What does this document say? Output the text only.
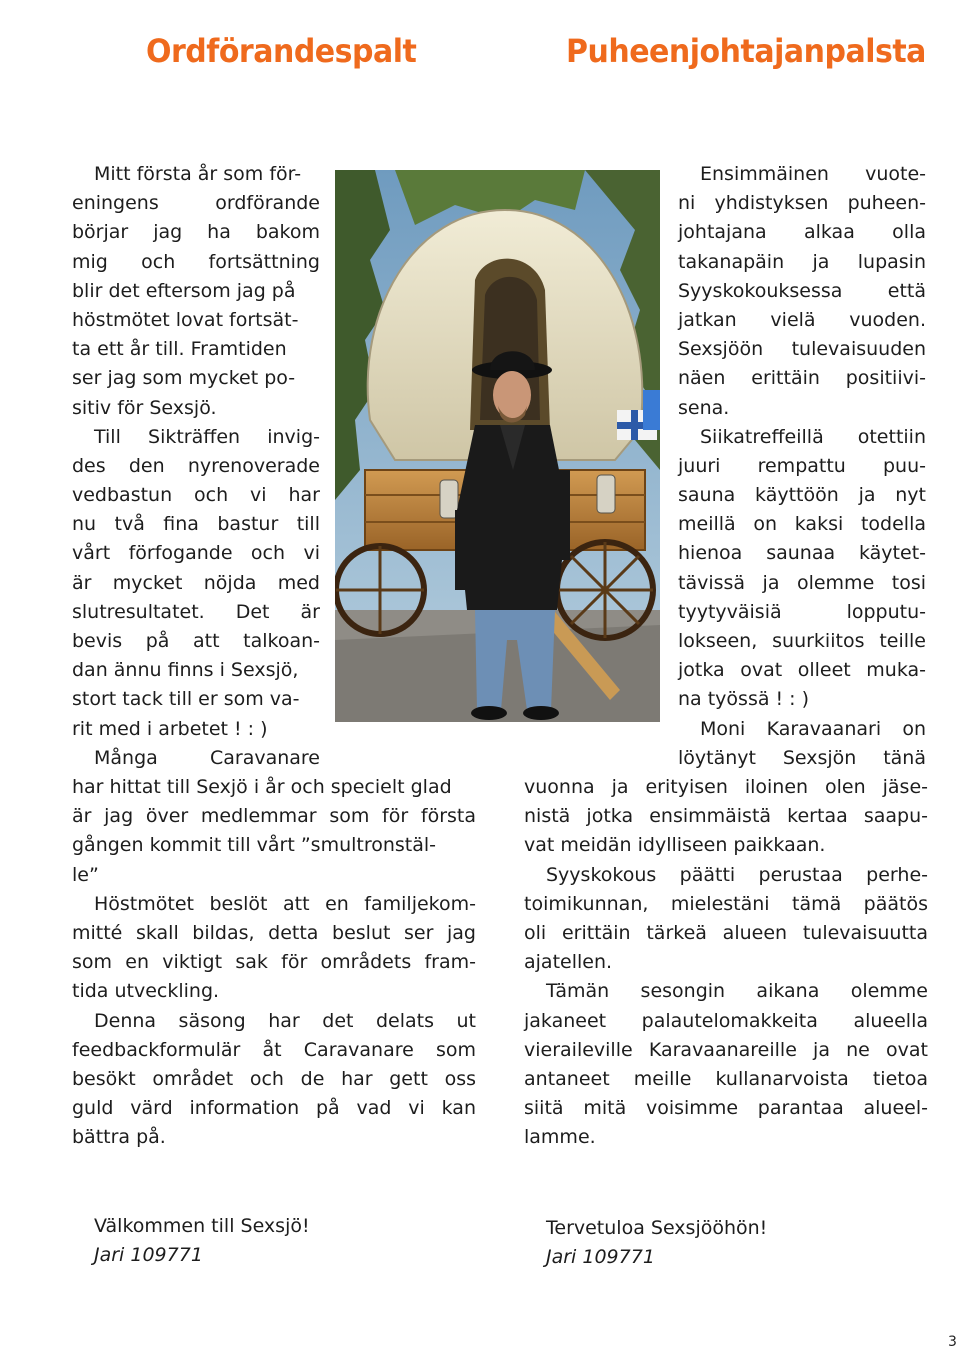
Ordförandespalt	Puheenjohtajanpalsta
Mitt första år som för-
eningens ordförande
börjar jag ha bakom
mig och fortsättning
blir det eftersom jag på
höstmötet lovat fortsät-
ta ett år till. Framtiden
ser jag som mycket po-
sitiv för Sexsjö.
Till Sikträffen invig-
des den nyrenoverade
vedbastun och vi har
nu två fina bastur till
vårt förfogande och vi
är mycket nöjda med
slutresultatet. Det är
bevis på att talkoan-
dan ännu finns i Sexsjö,
stort tack till er som va-
rit med i arbetet ! : )
Många Caravanare
har hittat till Sexjö i år och specielt glad
är jag över medlemmar som för första
gången kommit till vårt ”smultronstäl-
le”
Höstmötet beslöt att en familjekom-
mitté skall bildas, detta beslut ser jag
som en viktigt sak för områdets fram-
tida utveckling.
Denna säsong har det delats ut
feedbackformulär åt Caravanare som
besökt området och de har gett oss
guld värd information på vad vi kan
bättra på.
Ensimmäinen vuote-
ni yhdistyksen puheen-
johtajana alkaa olla
takanapäin ja lupasin
Syyskokouksessa että
jatkan vielä vuoden.
Sexsjöön tulevaisuuden
näen erittäin positiivi-
sena.
Siikatreffeillä otettiin
juuri rempattu puu-
sauna käyttöön ja nyt
meillä on kaksi todella
hienoa saunaa käytet-
tävissä ja olemme tosi
tyytyväisiä lopputu-
lokseen, suurkiitos teille
jotka ovat olleet muka-
na työssä ! : )
Moni Karavaanari on
löytänyt Sexsjön tänä
vuonna ja erityisen iloinen olen jäse-
nistä jotka ensimmäistä kertaa saapu-
vat meidän idylliseen paikkaan.
Syyskokous päätti perustaa perhe-
toimikunnan, mielestäni tämä päätös
oli erittäin tärkeä alueen tulevaisuutta
ajatellen.
Tämän sesongin aikana olemme
jakaneet palautelomakkeita alueella
vieraileville Karavaanareille ja ne ovat
antaneet meille kullanarvoista tietoa
siitä mitä voisimme parantaa alueel-
lamme.
Välkommen till Sexsjö!
Jari 109771
Tervetuloa Sexsjööhön!
Jari 109771
3
